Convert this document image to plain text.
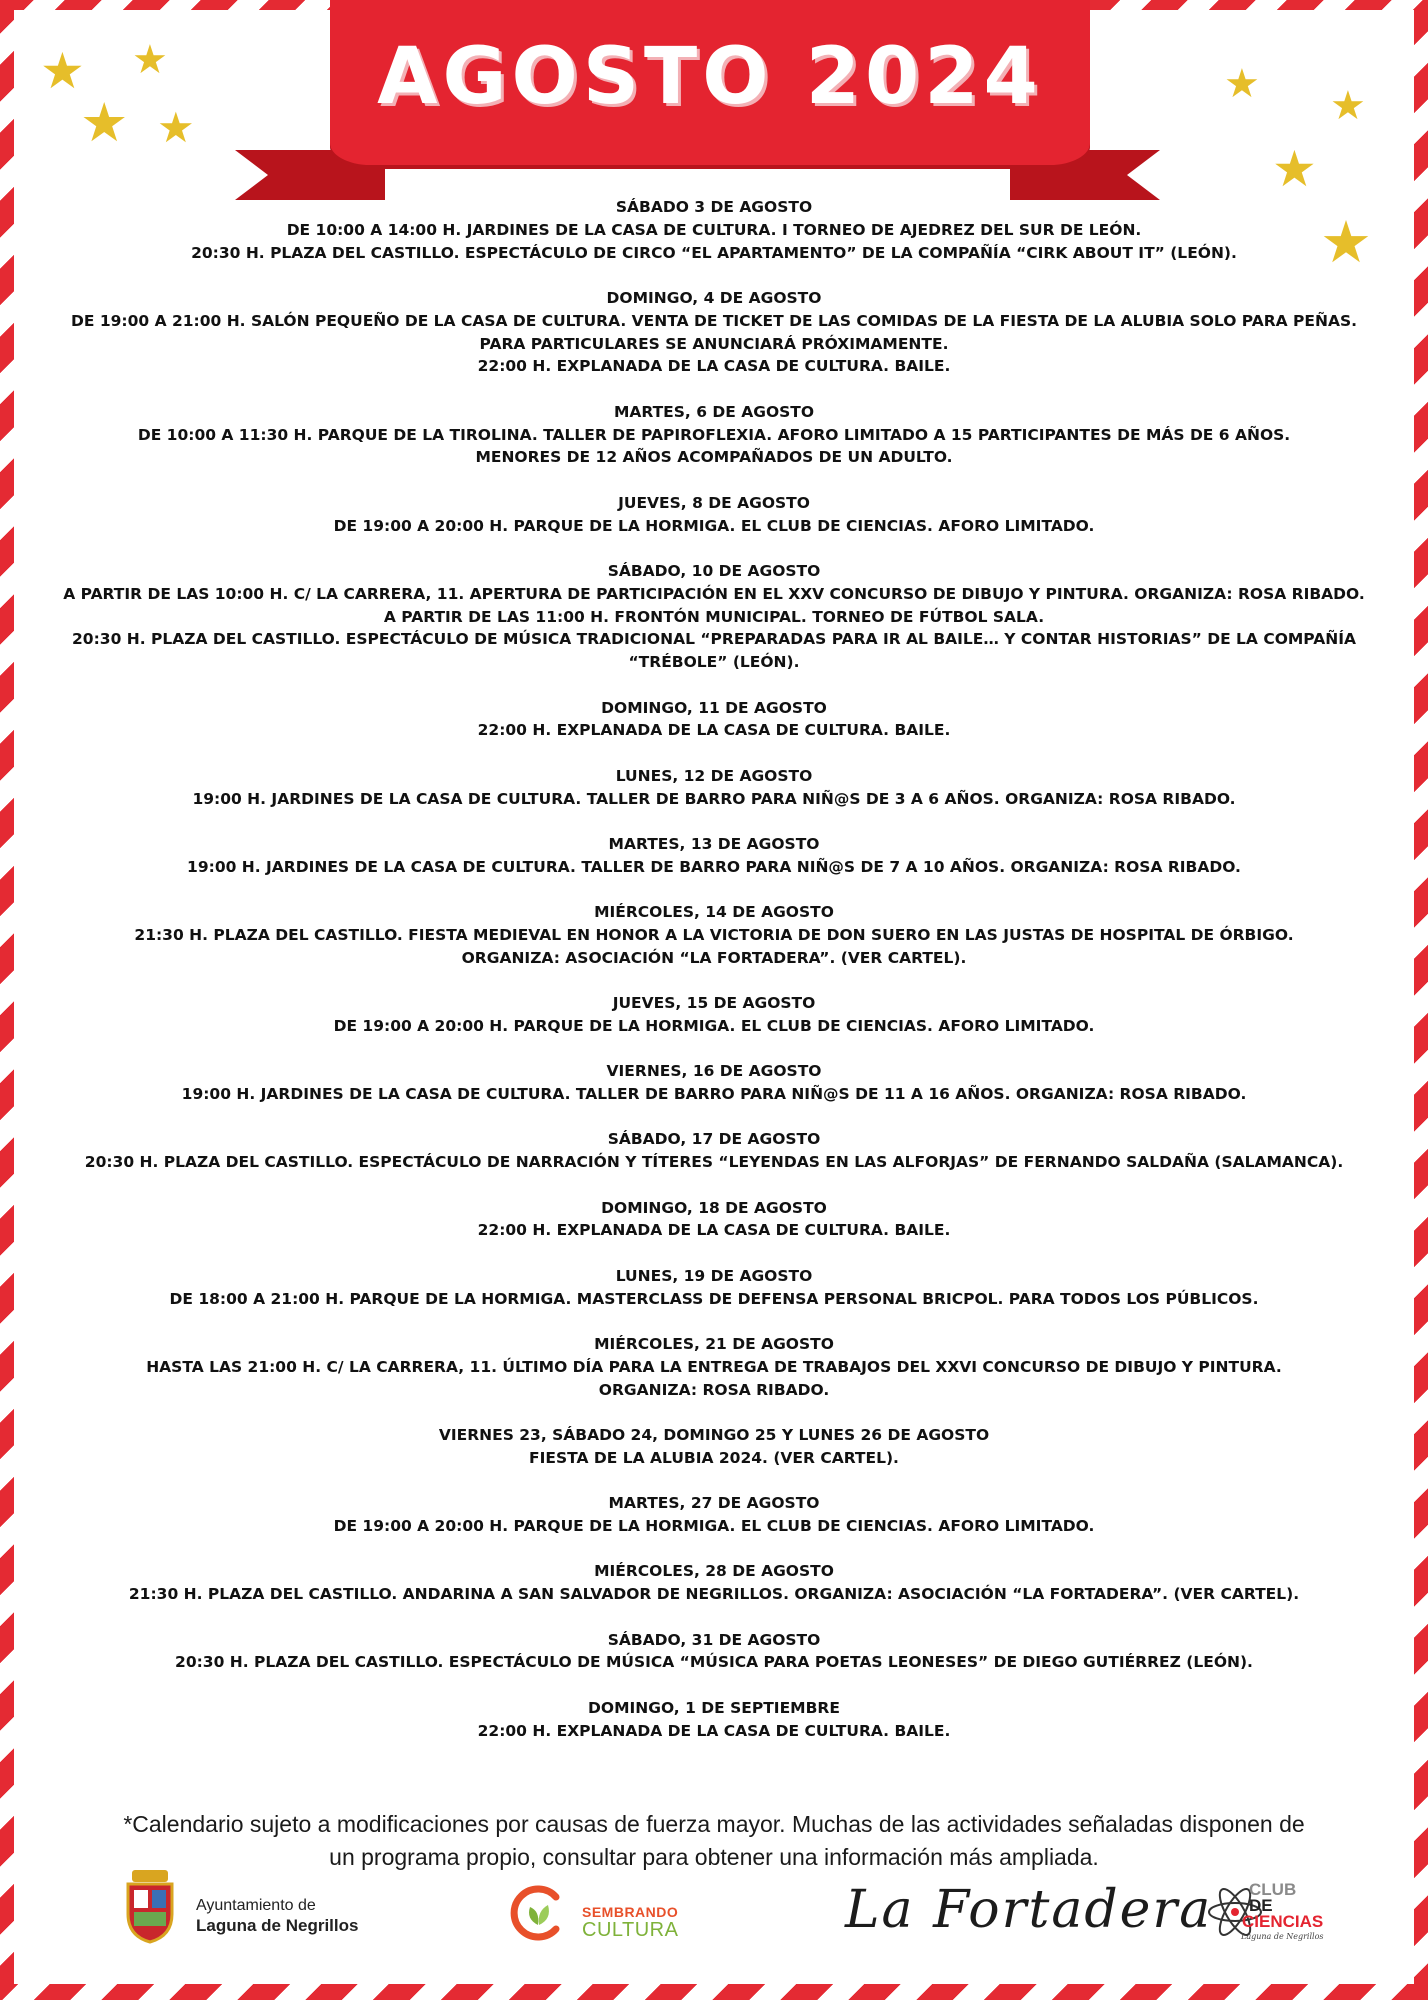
AGOSTO 2024
★ ★
★ ★
★ ★
★
★
SÁBADO 3 DE AGOSTO
DE 10:00 A 14:00 H. JARDINES DE LA CASA DE CULTURA. I TORNEO DE AJEDREZ DEL SUR DE LEÓN.
20:30 H. PLAZA DEL CASTILLO. ESPECTÁCULO DE CIRCO “EL APARTAMENTO” DE LA COMPAÑÍA “CIRK ABOUT IT” (LEÓN).
DOMINGO, 4 DE AGOSTO
DE 19:00 A 21:00 H. SALÓN PEQUEÑO DE LA CASA DE CULTURA. VENTA DE TICKET DE LAS COMIDAS DE LA FIESTA DE LA ALUBIA SOLO PARA PEÑAS.
PARA PARTICULARES SE ANUNCIARÁ PRÓXIMAMENTE.
22:00 H. EXPLANADA DE LA CASA DE CULTURA. BAILE.
MARTES, 6 DE AGOSTO
DE 10:00 A 11:30 H. PARQUE DE LA TIROLINA. TALLER DE PAPIROFLEXIA. AFORO LIMITADO A 15 PARTICIPANTES DE MÁS DE 6 AÑOS.
MENORES DE 12 AÑOS ACOMPAÑADOS DE UN ADULTO.
JUEVES, 8 DE AGOSTO
DE 19:00 A 20:00 H. PARQUE DE LA HORMIGA. EL CLUB DE CIENCIAS. AFORO LIMITADO.
SÁBADO, 10 DE AGOSTO
A PARTIR DE LAS 10:00 H. C/ LA CARRERA, 11. APERTURA DE PARTICIPACIÓN EN EL XXV CONCURSO DE DIBUJO Y PINTURA. ORGANIZA: ROSA RIBADO.
A PARTIR DE LAS 11:00 H. FRONTÓN MUNICIPAL. TORNEO DE FÚTBOL SALA.
20:30 H. PLAZA DEL CASTILLO. ESPECTÁCULO DE MÚSICA TRADICIONAL “PREPARADAS PARA IR AL BAILE… Y CONTAR HISTORIAS” DE LA COMPAÑÍA
“TRÉBOLE” (LEÓN).
DOMINGO, 11 DE AGOSTO
22:00 H. EXPLANADA DE LA CASA DE CULTURA. BAILE.
LUNES, 12 DE AGOSTO
19:00 H. JARDINES DE LA CASA DE CULTURA. TALLER DE BARRO PARA NIÑ@S DE 3 A 6 AÑOS. ORGANIZA: ROSA RIBADO.
MARTES, 13 DE AGOSTO
19:00 H. JARDINES DE LA CASA DE CULTURA. TALLER DE BARRO PARA NIÑ@S DE 7 A 10 AÑOS. ORGANIZA: ROSA RIBADO.
MIÉRCOLES, 14 DE AGOSTO
21:30 H. PLAZA DEL CASTILLO. FIESTA MEDIEVAL EN HONOR A LA VICTORIA DE DON SUERO EN LAS JUSTAS DE HOSPITAL DE ÓRBIGO.
ORGANIZA: ASOCIACIÓN “LA FORTADERA”. (VER CARTEL).
JUEVES, 15 DE AGOSTO
DE 19:00 A 20:00 H. PARQUE DE LA HORMIGA. EL CLUB DE CIENCIAS. AFORO LIMITADO.
VIERNES, 16 DE AGOSTO
19:00 H. JARDINES DE LA CASA DE CULTURA. TALLER DE BARRO PARA NIÑ@S DE 11 A 16 AÑOS. ORGANIZA: ROSA RIBADO.
SÁBADO, 17 DE AGOSTO
20:30 H. PLAZA DEL CASTILLO. ESPECTÁCULO DE NARRACIÓN Y TÍTERES “LEYENDAS EN LAS ALFORJAS” DE FERNANDO SALDAÑA (SALAMANCA).
DOMINGO, 18 DE AGOSTO
22:00 H. EXPLANADA DE LA CASA DE CULTURA. BAILE.
LUNES, 19 DE AGOSTO
DE 18:00 A 21:00 H. PARQUE DE LA HORMIGA. MASTERCLASS DE DEFENSA PERSONAL BRICPOL. PARA TODOS LOS PÚBLICOS.
MIÉRCOLES, 21 DE AGOSTO
HASTA LAS 21:00 H. C/ LA CARRERA, 11. ÚLTIMO DÍA PARA LA ENTREGA DE TRABAJOS DEL XXVI CONCURSO DE DIBUJO Y PINTURA.
ORGANIZA: ROSA RIBADO.
VIERNES 23, SÁBADO 24, DOMINGO 25 Y LUNES 26 DE AGOSTO
FIESTA DE LA ALUBIA 2024. (VER CARTEL).
MARTES, 27 DE AGOSTO
DE 19:00 A 20:00 H. PARQUE DE LA HORMIGA. EL CLUB DE CIENCIAS. AFORO LIMITADO.
MIÉRCOLES, 28 DE AGOSTO
21:30 H. PLAZA DEL CASTILLO. ANDARINA A SAN SALVADOR DE NEGRILLOS. ORGANIZA: ASOCIACIÓN “LA FORTADERA”. (VER CARTEL).
SÁBADO, 31 DE AGOSTO
20:30 H. PLAZA DEL CASTILLO. ESPECTÁCULO DE MÚSICA “MÚSICA PARA POETAS LEONESES” DE DIEGO GUTIÉRREZ (LEÓN).
DOMINGO, 1 DE SEPTIEMBRE
22:00 H. EXPLANADA DE LA CASA DE CULTURA. BAILE.
*Calendario sujeto a modificaciones por causas de fuerza mayor. Muchas de las actividades señaladas disponen de
un programa propio, consultar para obtener una información más ampliada.
Ayuntamiento de
Laguna de Negrillos
SEMBRANDO
CULTURA	La Fortadera CLUB
DE
CIENCIAS
Laguna de Negrillos
